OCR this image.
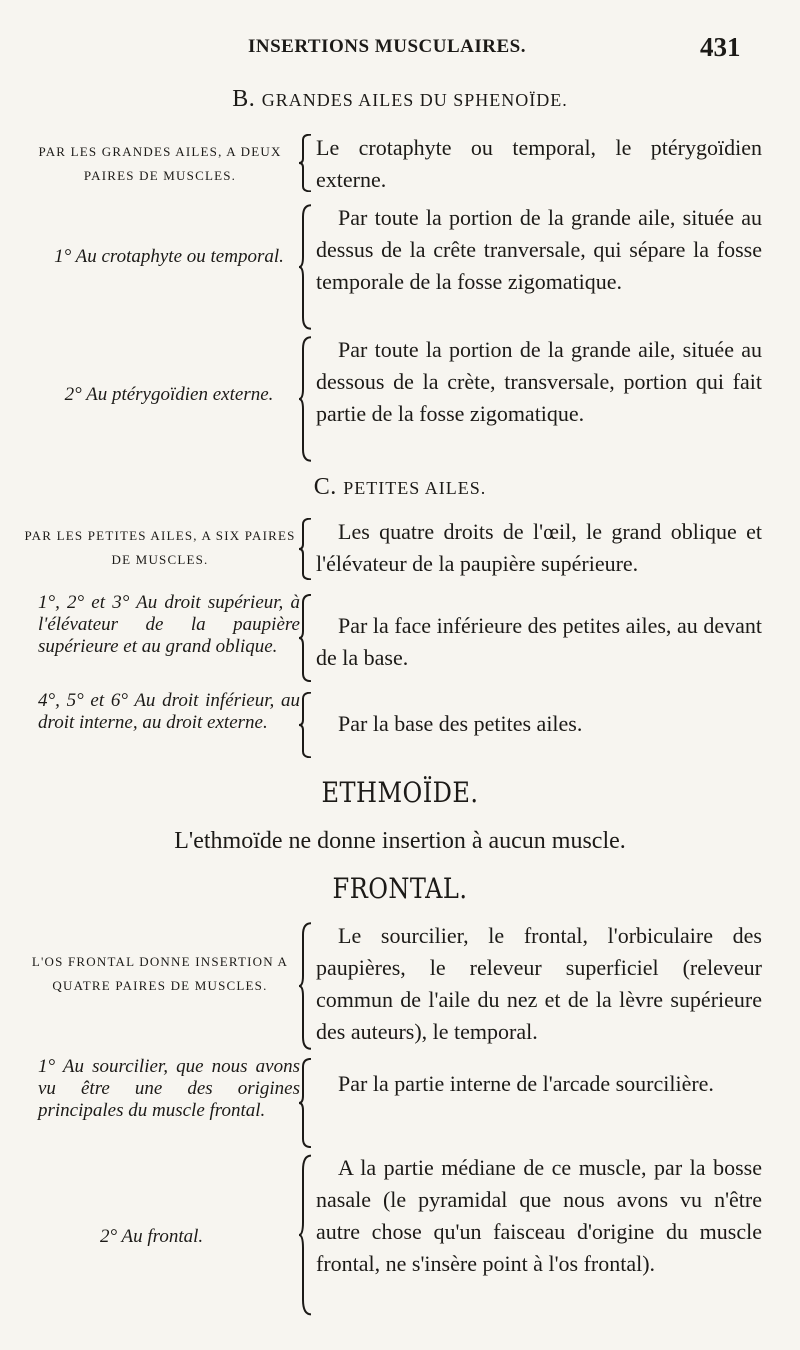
INSERTIONS MUSCULAIRES.	431
B. GRANDES AILES DU SPHENOÏDE.
PAR LES GRANDES AILES, A DEUX PAIRES DE MUSCLES.
Le crotaphyte ou temporal, le ptérygoïdien externe.
1° Au crotaphyte ou temporal.
Par toute la portion de la grande aile, située au dessus de la crête tranversale, qui sépare la fosse temporale de la fosse zigomatique.
2° Au ptérygoïdien externe.
Par toute la portion de la grande aile, située au dessous de la crète, transversale, portion qui fait partie de la fosse zigomatique.
C. PETITES AILES.
PAR LES PETITES AILES, A SIX PAIRES DE MUSCLES.
Les quatre droits de l'œil, le grand oblique et l'élévateur de la paupière supérieure.
1°, 2° et 3° Au droit supérieur, à l'élévateur de la paupière supérieure et au grand oblique.
Par la face inférieure des petites ailes, au devant de la base.
4°, 5° et 6° Au droit inférieur, au droit interne, au droit externe.	Par la base des petites ailes.
ETHMOÏDE.
L'ethmoïde ne donne insertion à aucun muscle.
FRONTAL.
L'OS FRONTAL DONNE INSERTION A QUATRE PAIRES DE MUSCLES.
Le sourcilier, le frontal, l'orbiculaire des paupières, le releveur superficiel (releveur commun de l'aile du nez et de la lèvre supérieure des auteurs), le temporal.
1° Au sourcilier, que nous avons vu être une des origines principales du muscle frontal.
Par la partie interne de l'arcade sourcilière.
2° Au frontal.
A la partie médiane de ce muscle, par la bosse nasale (le pyramidal que nous avons vu n'être autre chose qu'un faisceau d'origine du muscle frontal, ne s'insère point à l'os frontal).
